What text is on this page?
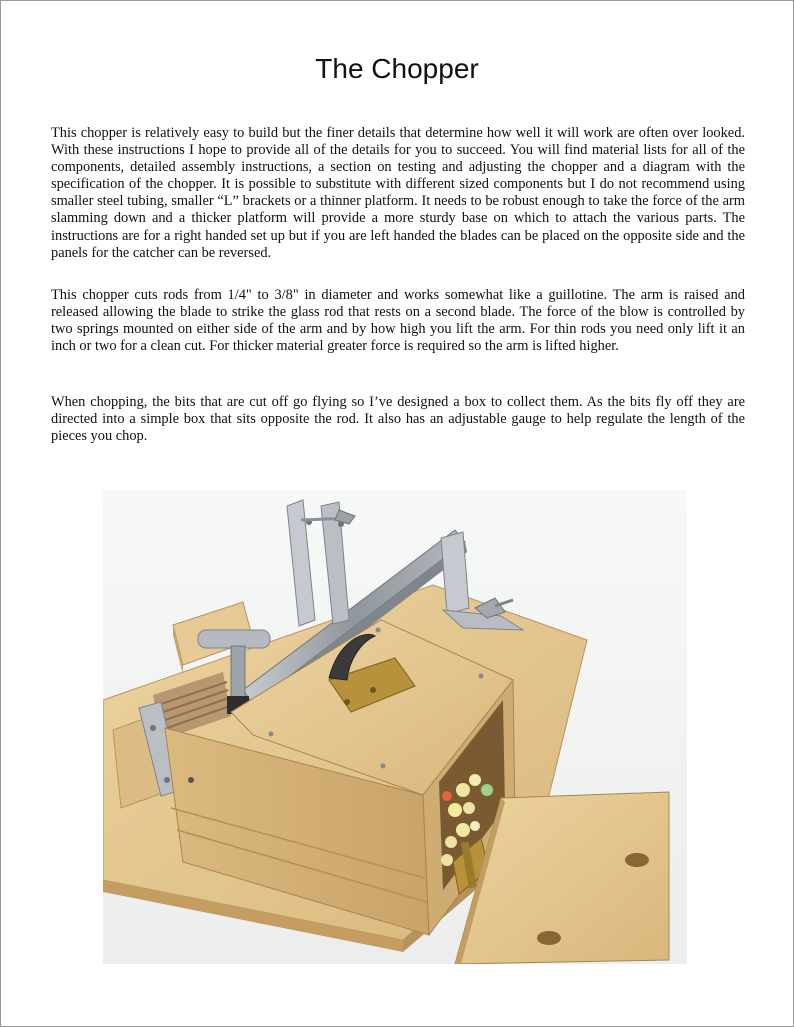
The Chopper

This chopper is relatively easy to build but the finer details that determine how well it will work are often over looked. With these instructions I hope to provide all of the details for you to succeed. You will find material lists for all of the components, detailed assembly instructions, a section on testing and adjusting the chopper and a diagram with the specification of the chopper. It is possible to substitute with different sized components but I do not recommend using smaller steel tubing, smaller “L” brackets or a thinner platform. It needs to be robust enough to take the force of the arm slamming down and a thicker platform will provide a more sturdy base on which to attach the various parts. The instructions are for a right handed set up but if you are left handed the blades can be placed on the opposite side and the panels for the catcher can be reversed.

This chopper cuts rods from 1/4" to 3/8" in diameter and works somewhat like a guillotine. The arm is raised and released allowing the blade to strike the glass rod that rests on a second blade. The force of the blow is controlled by two springs mounted on either side of the arm and by how high you lift the arm. For thin rods you need only lift it an inch or two for a clean cut. For thicker material greater force is required so the arm is lifted higher.

When chopping, the bits that are cut off go flying so I’ve designed a box to collect them. As the bits fly off they are directed into a simple box that sits opposite the rod. It also has an adjustable gauge to help regulate the length of the pieces you chop.
